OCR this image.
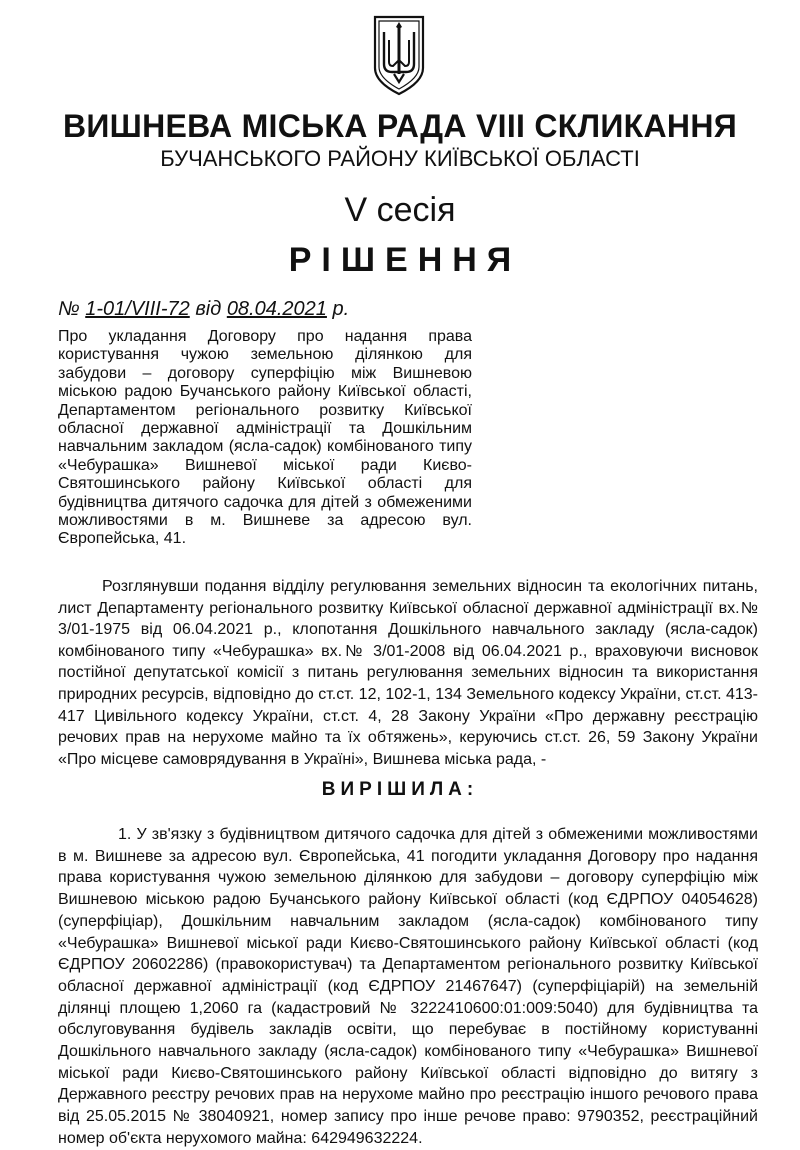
ВИШНЕВА МІСЬКА РАДА VIII СКЛИКАННЯ
БУЧАНСЬКОГО РАЙОНУ КИЇВСЬКОЇ ОБЛАСТІ
V сесія
РІШЕННЯ
№ 1-01/VIII-72 від 08.04.2021 р.
Про укладання Договору про надання права користування чужою земельною ділянкою для забудови – договору суперфіцію між Вишневою міською радою Бучанського району Київської області, Департаментом регіонального розвитку Київської обласної державної адміністрації та Дошкільним навчальним закладом (ясла-садок) комбінованого типу «Чебурашка» Вишневої міської ради Києво-Святошинського району Київської області для будівництва дитячого садочка для дітей з обмеженими можливостями в м. Вишневе за адресою вул. Європейська, 41.
Розглянувши подання відділу регулювання земельних відносин та екологічних питань, лист Департаменту регіонального розвитку Київської обласної державної адміністрації вх.№ 3/01-1975 від 06.04.2021 р., клопотання Дошкільного навчального закладу (ясла-садок) комбінованого типу «Чебурашка» вх.№ 3/01-2008 від 06.04.2021 р., враховуючи висновок постійної депутатської комісії з питань регулювання земельних відносин та використання природних ресурсів, відповідно до ст.ст. 12, 102-1, 134 Земельного кодексу України, ст.ст. 413-417 Цивільного кодексу України, ст.ст. 4, 28 Закону України «Про державну реєстрацію речових прав на нерухоме майно та їх обтяжень», керуючись ст.ст. 26, 59 Закону України «Про місцеве самоврядування в Україні», Вишнева міська рада, -
ВИРІШИЛА:
1. У зв'язку з будівництвом дитячого садочка для дітей з обмеженими можливостями в м. Вишневе за адресою вул. Європейська, 41 погодити укладання Договору про надання права користування чужою земельною ділянкою для забудови – договору суперфіцію між Вишневою міською радою Бучанського району Київської області (код ЄДРПОУ 04054628) (суперфіціар), Дошкільним навчальним закладом (ясла-садок) комбінованого типу «Чебурашка» Вишневої міської ради Києво-Святошинського району Київської області (код ЄДРПОУ 20602286) (правокористувач) та Департаментом регіонального розвитку Київської обласної державної адміністрації (код ЄДРПОУ 21467647) (суперфіціарій) на земельній ділянці площею 1,2060 га (кадастровий № 3222410600:01:009:5040) для будівництва та обслуговування будівель закладів освіти, що перебуває в постійному користуванні Дошкільного навчального закладу (ясла-садок) комбінованого типу «Чебурашка» Вишневої міської ради Києво-Святошинського району Київської області відповідно до витягу з Державного реєстру речових прав на нерухоме майно про реєстрацію іншого речового права від 25.05.2015 № 38040921, номер запису про інше речове право: 9790352, реєстраційний номер об'єкта нерухомого майна: 642949632224.
